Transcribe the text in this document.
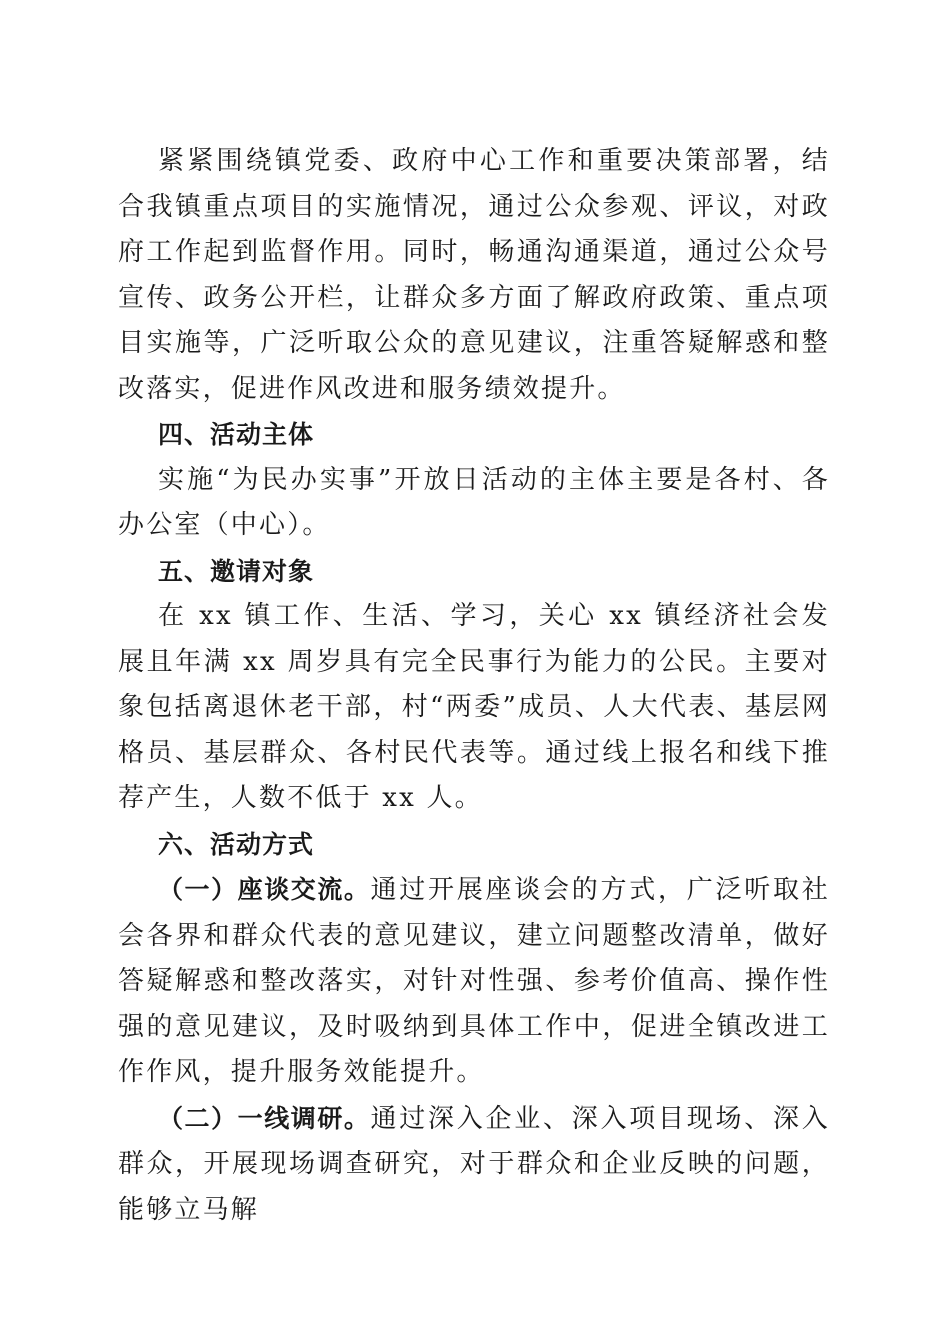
紧紧围绕镇党委、政府中心工作和重要决策部署，结合我镇重点项目的实施情况，通过公众参观、评议，对政府工作起到监督作用。同时，畅通沟通渠道，通过公众号宣传、政务公开栏，让群众多方面了解政府政策、重点项目实施等，广泛听取公众的意见建议，注重答疑解惑和整改落实，促进作风改进和服务绩效提升。

四、活动主体

实施“为民办实事”开放日活动的主体主要是各村、各办公室（中心）。

五、邀请对象

在 xx 镇工作、生活、学习，关心 xx 镇经济社会发展且年满 xx 周岁具有完全民事行为能力的公民。主要对象包括离退休老干部，村“两委”成员、人大代表、基层网格员、基层群众、各村民代表等。通过线上报名和线下推荐产生，人数不低于 xx 人。

六、活动方式

（一）座谈交流。通过开展座谈会的方式，广泛听取社会各界和群众代表的意见建议，建立问题整改清单，做好答疑解惑和整改落实，对针对性强、参考价值高、操作性强的意见建议，及时吸纳到具体工作中，促进全镇改进工作作风，提升服务效能提升。

（二）一线调研。通过深入企业、深入项目现场、深入群众，开展现场调查研究，对于群众和企业反映的问题，能够立马解
